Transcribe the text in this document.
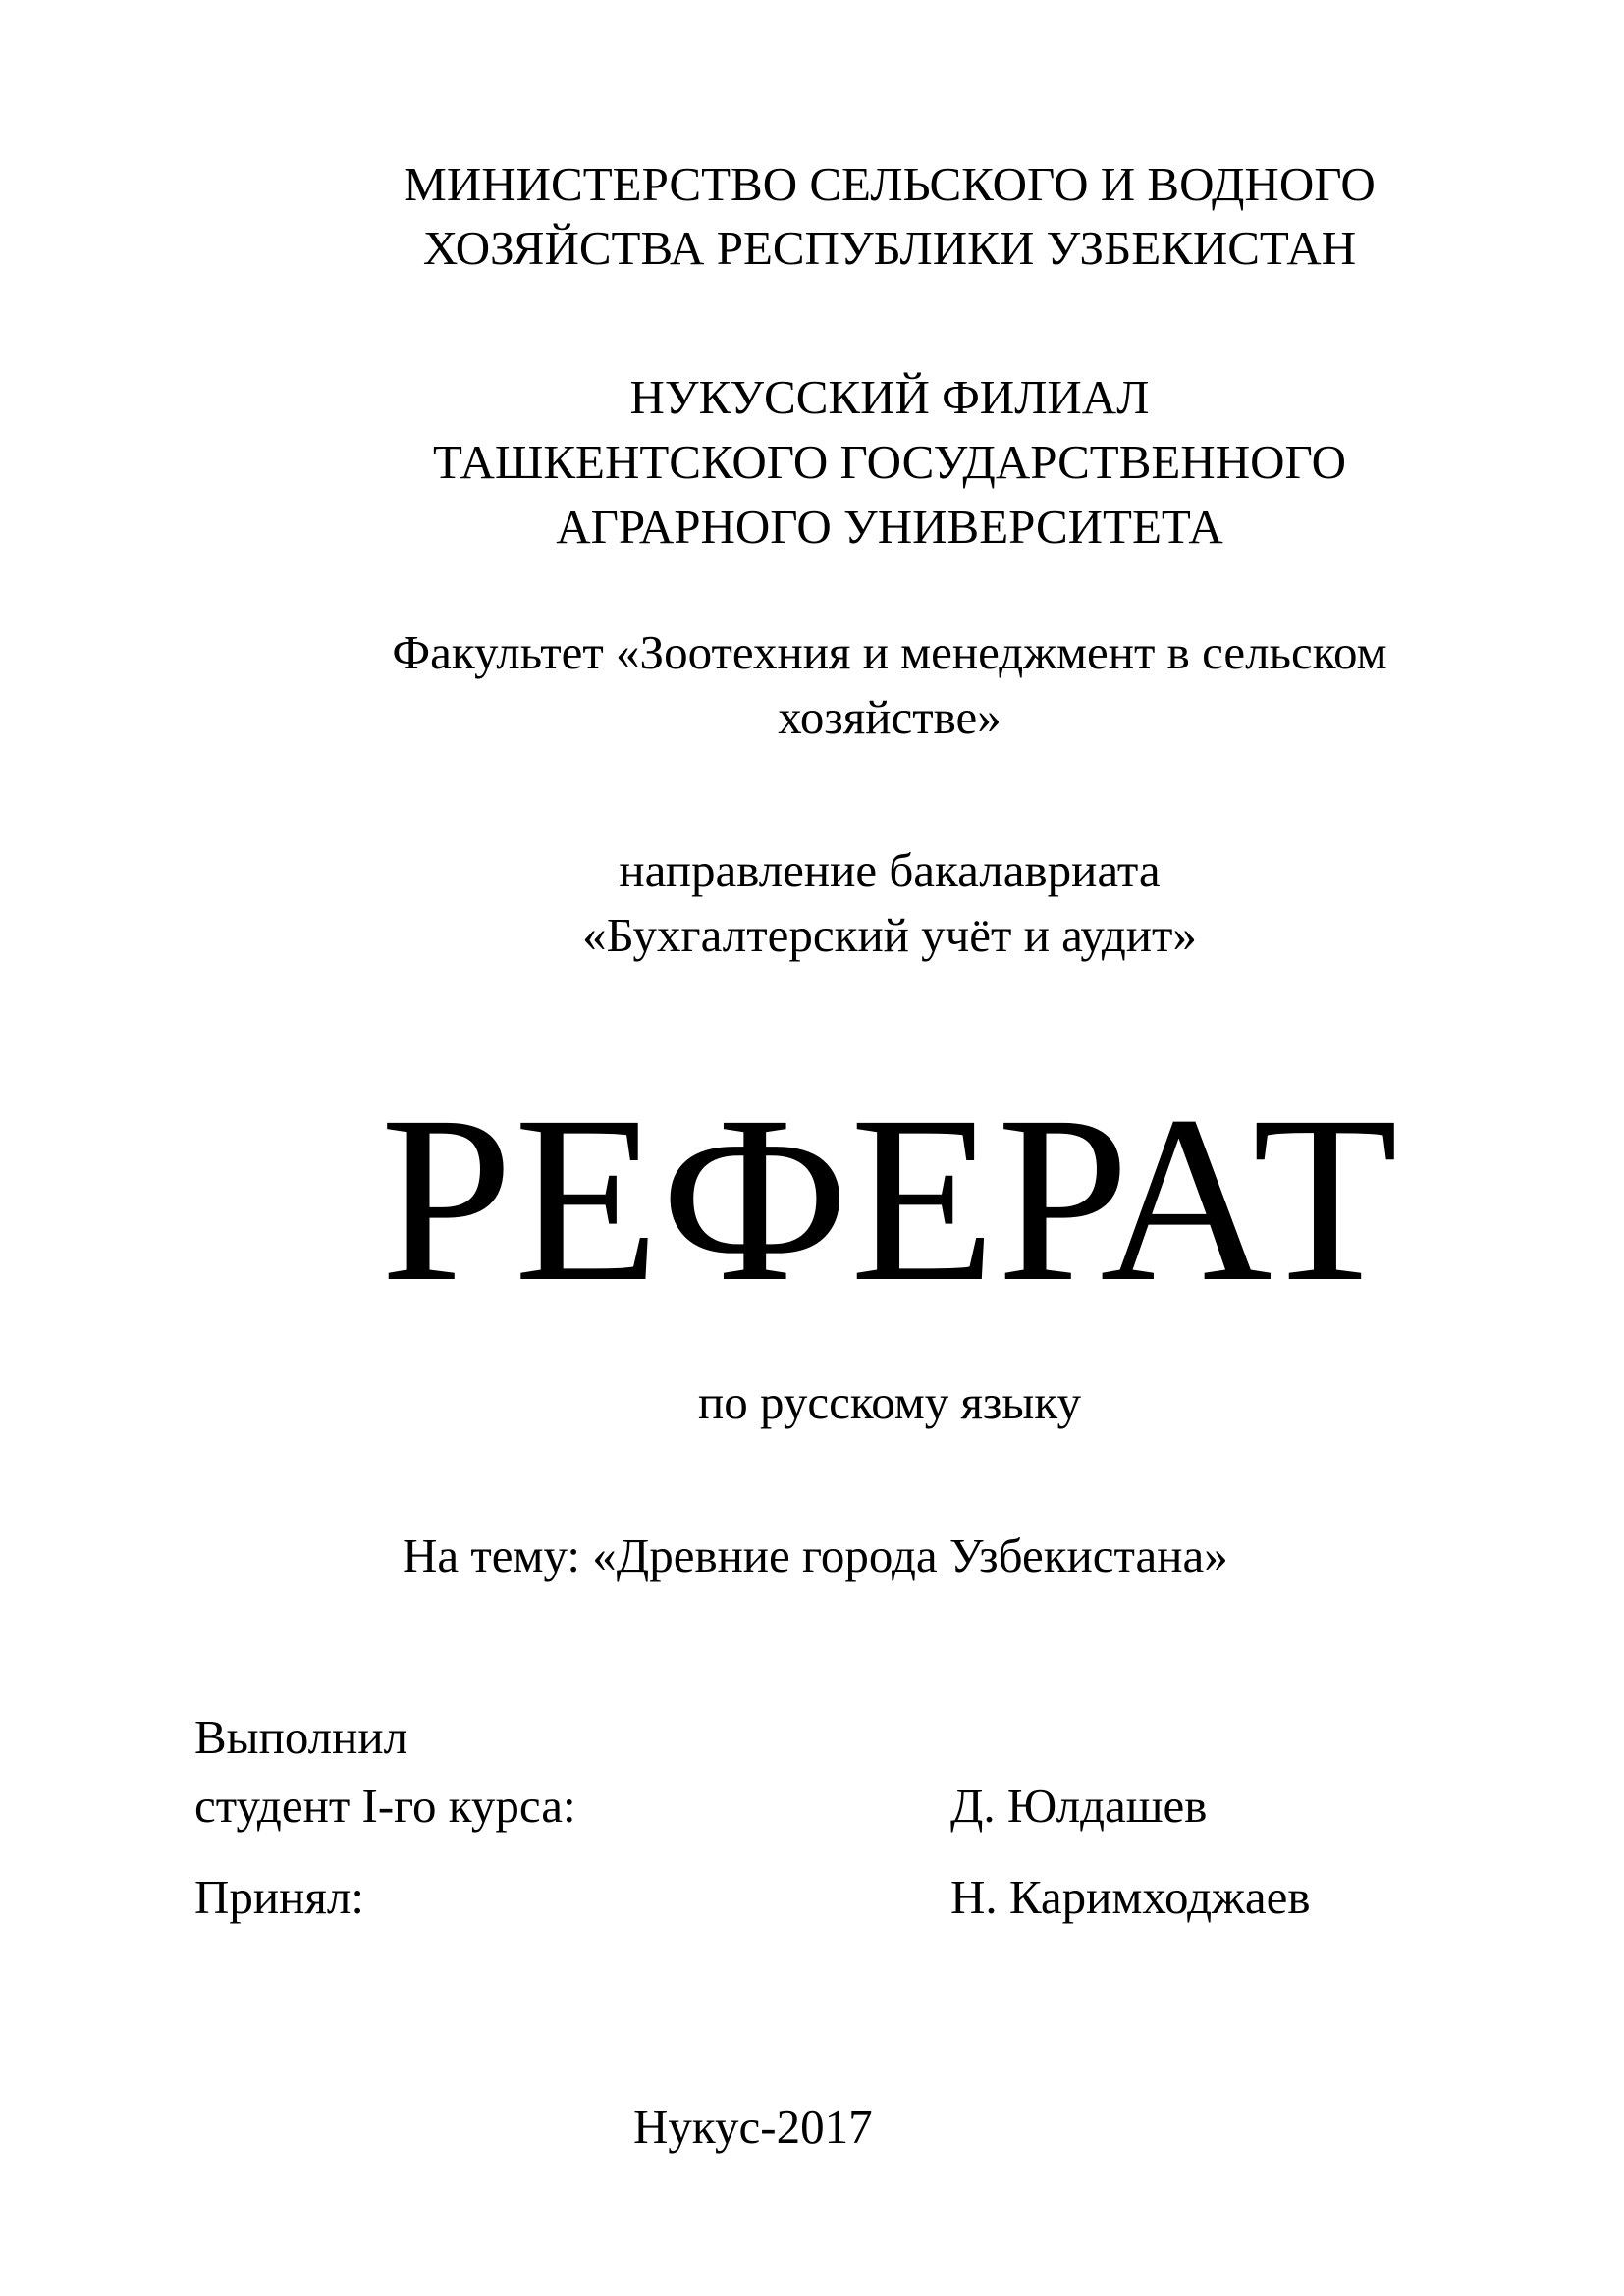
МИНИСТЕРСТВО СЕЛЬСКОГО И ВОДНОГО
ХОЗЯЙСТВА РЕСПУБЛИКИ УЗБЕКИСТАН
НУКУССКИЙ ФИЛИАЛ
ТАШКЕНТСКОГО ГОСУДАРСТВЕННОГО
АГРАРНОГО УНИВЕРСИТЕТА
Факультет «Зоотехния и менеджмент в сельском
хозяйстве»
направление бакалавриата
«Бухгалтерский учёт и аудит»
РЕФЕРАТ
по русскому языку
На тему: «Древние города Узбекистана»
Выполнил
студент I-го курса:	Д. Юлдашев
Принял:	Н. Каримходжаев
Нукус-2017
